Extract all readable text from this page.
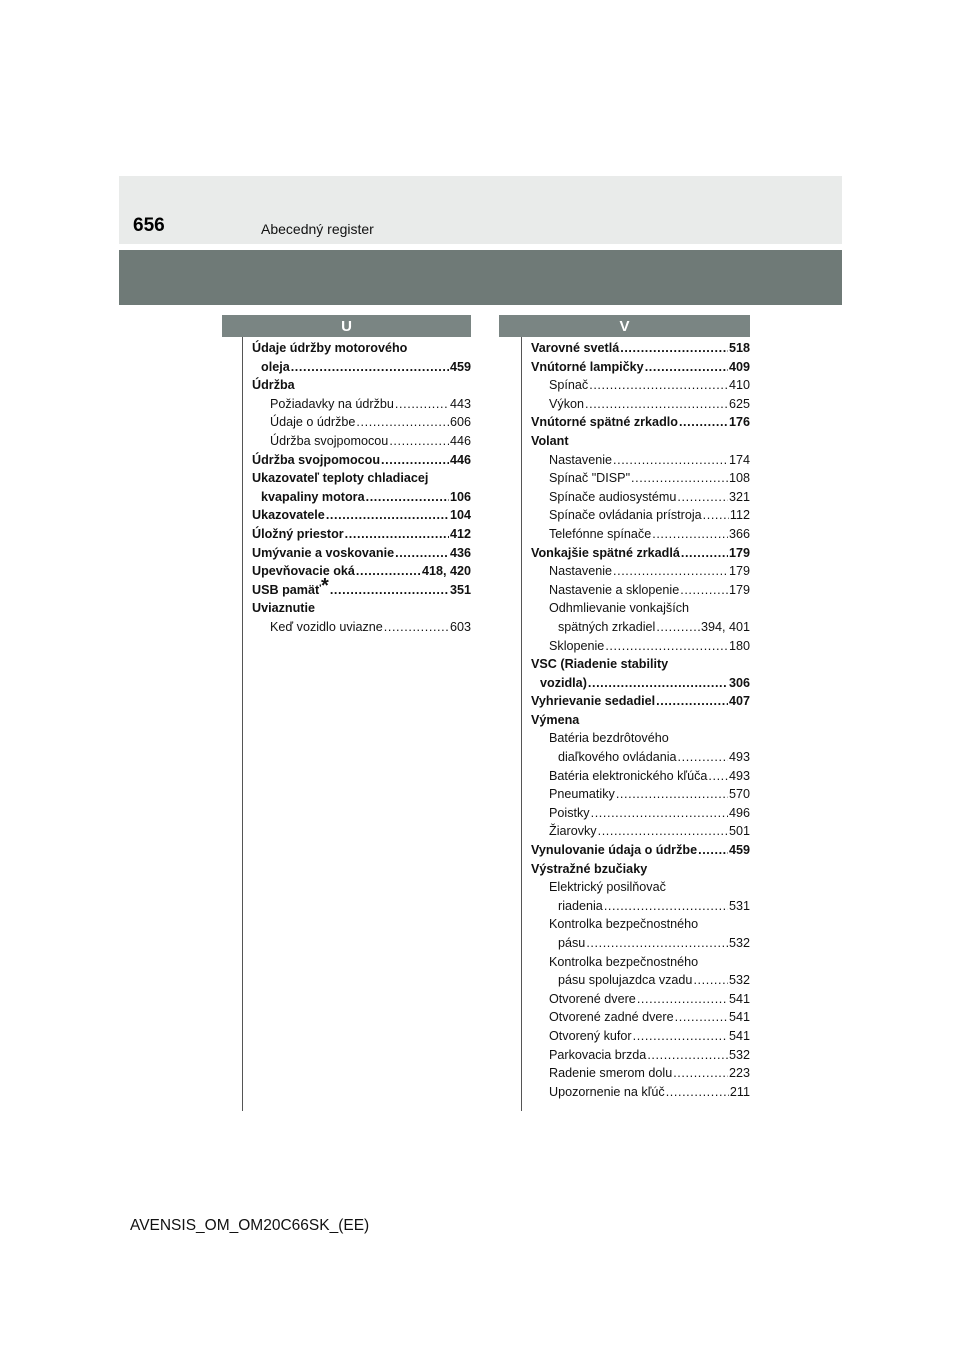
656	Abecedný register
U	V
Údaje údržby motorového
oleja .....	459
Údržba
Požiadavky na údržbu .....	443
Údaje o údržbe .....	606
Údržba svojpomocou .....	446
Údržba svojpomocou .....	446
Ukazovateľ teploty chladiacej
kvapaliny motora .....	106
Ukazovatele .....	104
Úložný priestor .....	412
Umývanie a voskovanie .....	436
Upevňovacie oká .....	418, 420
USB pamäť* .....	351
Uviaznutie
Keď vozidlo uviazne .....	603
Varovné svetlá .....	518
Vnútorné lampičky .....	409
Spínač .....	410
Výkon .....	625
Vnútorné spätné zrkadlo .....	176
Volant
Nastavenie .....	174
Spínač "DISP" .....	108
Spínače audiosystému .....	321
Spínače ovládania prístroja ..... 112
Telefónne spínače .....	366
Vonkajšie spätné zrkadlá .....	179
Nastavenie .....	179
Nastavenie a sklopenie .....	179
Odhmlievanie vonkajších
spätných zrkadiel .....	394, 401
Sklopenie .....	180
VSC (Riadenie stability
vozidla) .....	306
Vyhrievanie sedadiel .....	407
Výmena
Batéria bezdrôtového
diaľkového ovládania .....	493
Batéria elektronického kľúča ..... 493
Pneumatiky .....	570
Poistky .....	496
Žiarovky .....	501
Vynulovanie údaja o údržbe .....	459
Výstražné bzučiaky
Elektrický posilňovač
riadenia .....	531
Kontrolka bezpečnostného
pásu .....	532
Kontrolka bezpečnostného
pásu spolujazdca vzadu .....	532
Otvorené dvere .....	541
Otvorené zadné dvere .....	541
Otvorený kufor .....	541
Parkovacia brzda .....	532
Radenie smerom dolu .....	223
Upozornenie na kľúč .....	211
AVENSIS_OM_OM20C66SK_(EE)
